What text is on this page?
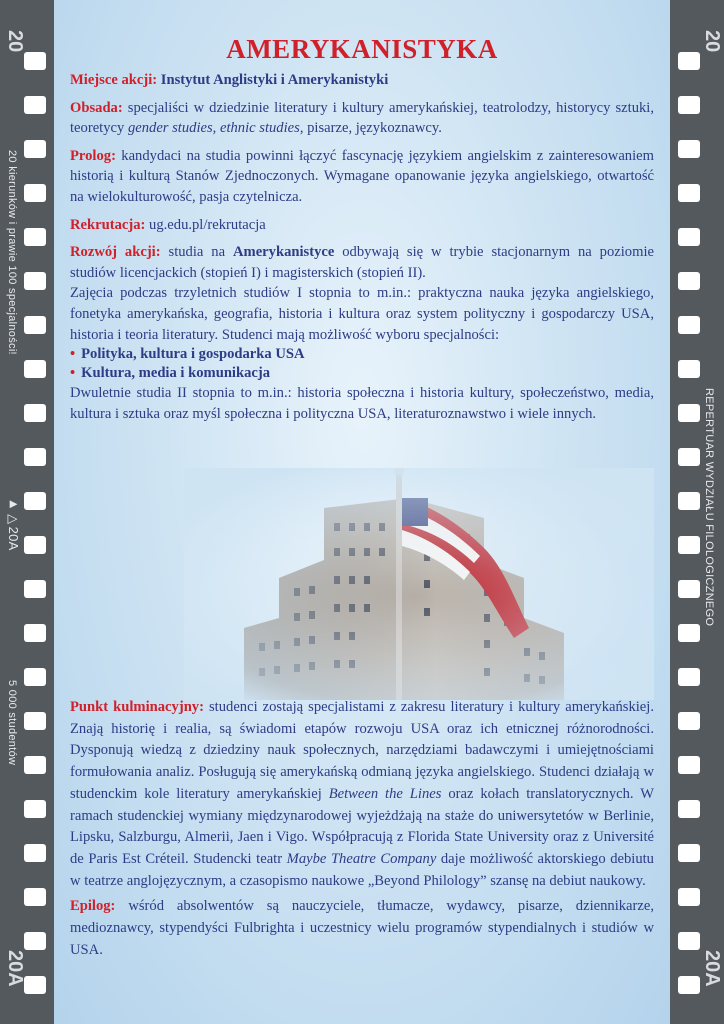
20
20A
20 kierunków i prawie 100 specjalności!
►▷20A
5 000 studentów
20
20A
REPERTUAR WYDZIAŁU FILOLOGICZNEGO
AMERYKANISTYKA

Miejsce akcji: Instytut Anglistyki i Amerykanistyki

Obsada: specjaliści w dziedzinie literatury i kultury amerykańskiej, teatrolodzy, historycy sztuki, teoretycy gender studies, ethnic studies, pisarze, językoznawcy.

Prolog: kandydaci na studia powinni łączyć fascynację językiem angielskim z zainteresowaniem historią i kulturą Stanów Zjednoczonych. Wymagane opanowanie języka angielskiego, otwartość na wielokulturowość, pasja czytelnicza.

Rekrutacja: ug.edu.pl/rekrutacja

Rozwój akcji: studia na Amerykanistyce odbywają się w trybie stacjonarnym na poziomie studiów licencjackich (stopień I) i magisterskich (stopień II).

Zajęcia podczas trzyletnich studiów I stopnia to m.in.: praktyczna nauka języka angielskiego, fonetyka amerykańska, geografia, historia i kultura oraz system polityczny i gospodarczy USA, historia i teoria literatury. Studenci mają możliwość wyboru specjalności:

• Polityka, kultura i gospodarka USA
• Kultura, media i komunikacja

Dwuletnie studia II stopnia to m.in.: historia społeczna i historia kultury, społeczeństwo, media, kultura i sztuka oraz myśl społeczna i polityczna USA, literaturoznawstwo i wiele innych.

Punkt kulminacyjny: studenci zostają specjalistami z zakresu literatury i kultury amerykańskiej. Znają historię i realia, są świadomi etapów rozwoju USA oraz ich etnicznej różnorodności. Dysponują wiedzą z dziedziny nauk społecznych, narzędziami badawczymi i umiejętnościami formułowania analiz. Posługują się amerykańską odmianą języka angielskiego. Studenci działają w studenckim kole literatury amerykańskiej Between the Lines oraz kołach translatorycznych. W ramach studenckiej wymiany międzynarodowej wyjeżdżają na staże do uniwersytetów w Berlinie, Lipsku, Salzburgu, Almerii, Jaen i Vigo. Współpracują z Florida State University oraz z Université de Paris Est Créteil. Studencki teatr Maybe Theatre Company daje możliwość aktorskiego debiutu w teatrze anglojęzycznym, a czasopismo naukowe „Beyond Philology” szansę na debiut naukowy.

Epilog: wśród absolwentów są nauczyciele, tłumacze, wydawcy, pisarze, dziennikarze, medioznawcy, stypendyści Fulbrighta i uczestnicy wielu programów stypendialnych i studiów w USA.
